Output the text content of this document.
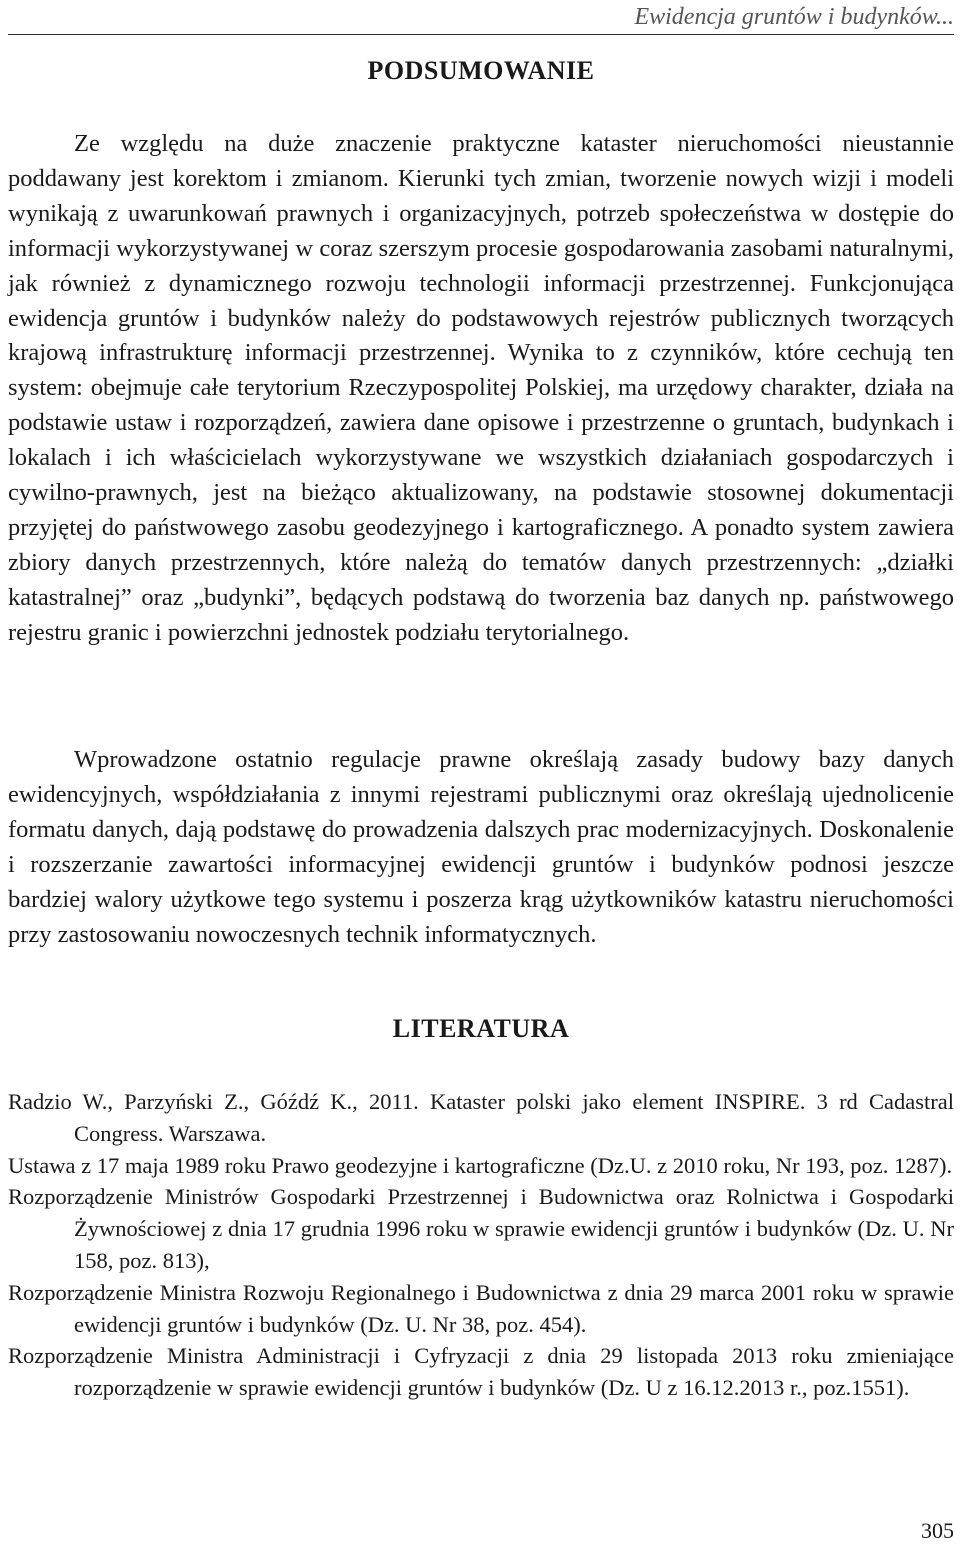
Ewidencja gruntów i budynków...
PODSUMOWANIE

Ze względu na duże znaczenie praktyczne kataster nieruchomości nieustannie poddawany jest korektom i zmianom. Kierunki tych zmian, tworzenie nowych wizji i modeli wynikają z uwarunkowań prawnych i organizacyjnych, potrzeb społeczeństwa w dostępie do informacji wykorzystywanej w coraz szerszym procesie gospodarowania zasobami naturalnymi, jak również z dynamicznego rozwoju technologii informacji przestrzennej. Funkcjonująca ewidencja gruntów i budynków należy do podstawowych rejestrów publicznych tworzących krajową infrastrukturę informacji przestrzennej. Wynika to z czynników, które cechują ten system: obejmuje całe terytorium Rzeczypospolitej Polskiej, ma urzędowy charakter, działa na podstawie ustaw i rozporządzeń, zawiera dane opisowe i przestrzenne o gruntach, budynkach i lokalach i ich właścicielach wykorzystywane we wszystkich działaniach gospodarczych i cywilno-prawnych, jest na bieżąco aktualizowany, na podstawie stosownej dokumentacji przyjętej do państwowego zasobu geodezyjnego i kartograficznego. A ponadto system zawiera zbiory danych przestrzennych, które należą do tematów danych przestrzennych: „działki katastralnej” oraz „budynki”, będących podstawą do tworzenia baz danych np. państwowego rejestru granic i powierzchni jednostek podziału terytorialnego.

Wprowadzone ostatnio regulacje prawne określają zasady budowy bazy danych ewidencyjnych, współdziałania z innymi rejestrami publicznymi oraz określają ujednolicenie formatu danych, dają podstawę do prowadzenia dalszych prac modernizacyjnych. Doskonalenie i rozszerzanie zawartości informacyjnej ewidencji gruntów i budynków podnosi jeszcze bardziej walory użytkowe tego systemu i poszerza krąg użytkowników katastru nieruchomości przy zastosowaniu nowoczesnych technik informatycznych.

LITERATURA

Radzio W., Parzyński Z., Góźdź K., 2011. Kataster polski jako element INSPIRE. 3 rd Cadastral Congress. Warszawa.

Ustawa z 17 maja 1989 roku Prawo geodezyjne i kartograficzne (Dz.U. z 2010 roku, Nr 193, poz. 1287).

Rozporządzenie Ministrów Gospodarki Przestrzennej i Budownictwa oraz Rolnictwa i Gospodarki Żywnościowej z dnia 17 grudnia 1996 roku w sprawie ewidencji gruntów i budynków (Dz. U. Nr 158, poz. 813),

Rozporządzenie Ministra Rozwoju Regionalnego i Budownictwa z dnia 29 marca 2001 roku w sprawie ewidencji gruntów i budynków (Dz. U. Nr 38, poz. 454).

Rozporządzenie Ministra Administracji i Cyfryzacji z dnia 29 listopada 2013 roku zmieniające rozporządzenie w sprawie ewidencji gruntów i budynków (Dz. U z 16.12.2013 r., poz.1551).

305
